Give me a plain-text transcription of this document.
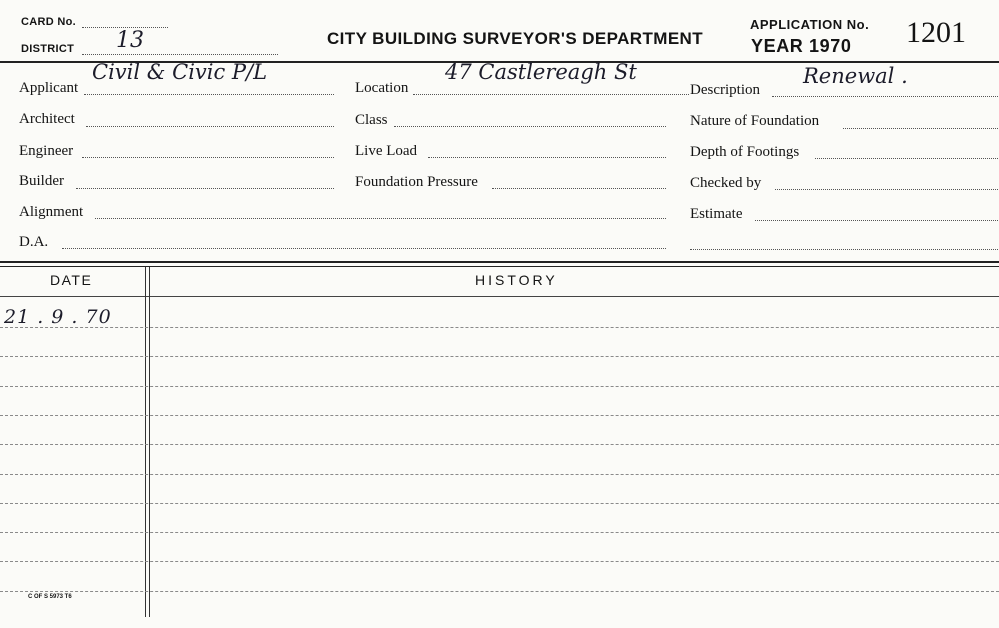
CARD No.
DISTRICT 13	CITY BUILDING SURVEYOR'S DEPARTMENT
APPLICATION No.
YEAR 1970 1201
Applicant
Civil & Civic P/L
Location
47 Castlereagh St
Description
Renewal .
Architect	Class	Nature of Foundation
Engineer	Live Load	Depth of Footings
Builder	Foundation Pressure	Checked by
Alignment	Estimate
D.A.
DATE	HISTORY
21 . 9 . 70
C OF S 5973 T6
